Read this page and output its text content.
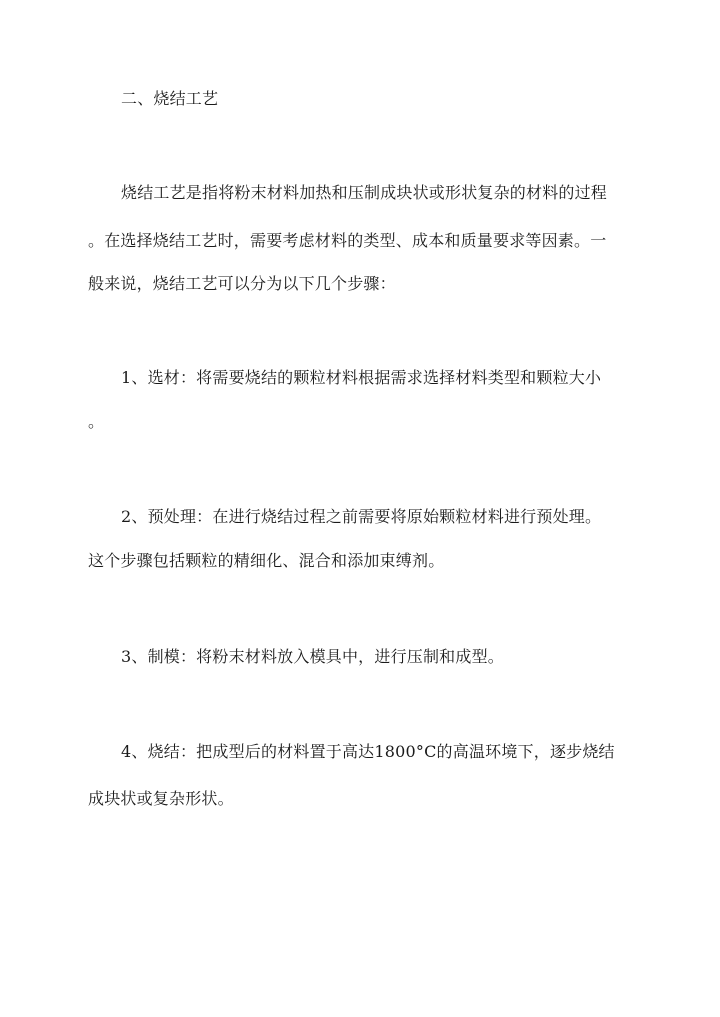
二、烧结工艺
烧结工艺是指将粉末材料加热和压制成块状或形状复杂的材料的过程
。在选择烧结工艺时，需要考虑材料的类型、成本和质量要求等因素。一
般来说，烧结工艺可以分为以下几个步骤：
1、选材：将需要烧结的颗粒材料根据需求选择材料类型和颗粒大小
。
2、预处理：在进行烧结过程之前需要将原始颗粒材料进行预处理。
这个步骤包括颗粒的精细化、混合和添加束缚剂。
3、制模：将粉末材料放入模具中，进行压制和成型。
4、烧结：把成型后的材料置于高达1800°C的高温环境下，逐步烧结
成块状或复杂形状。
